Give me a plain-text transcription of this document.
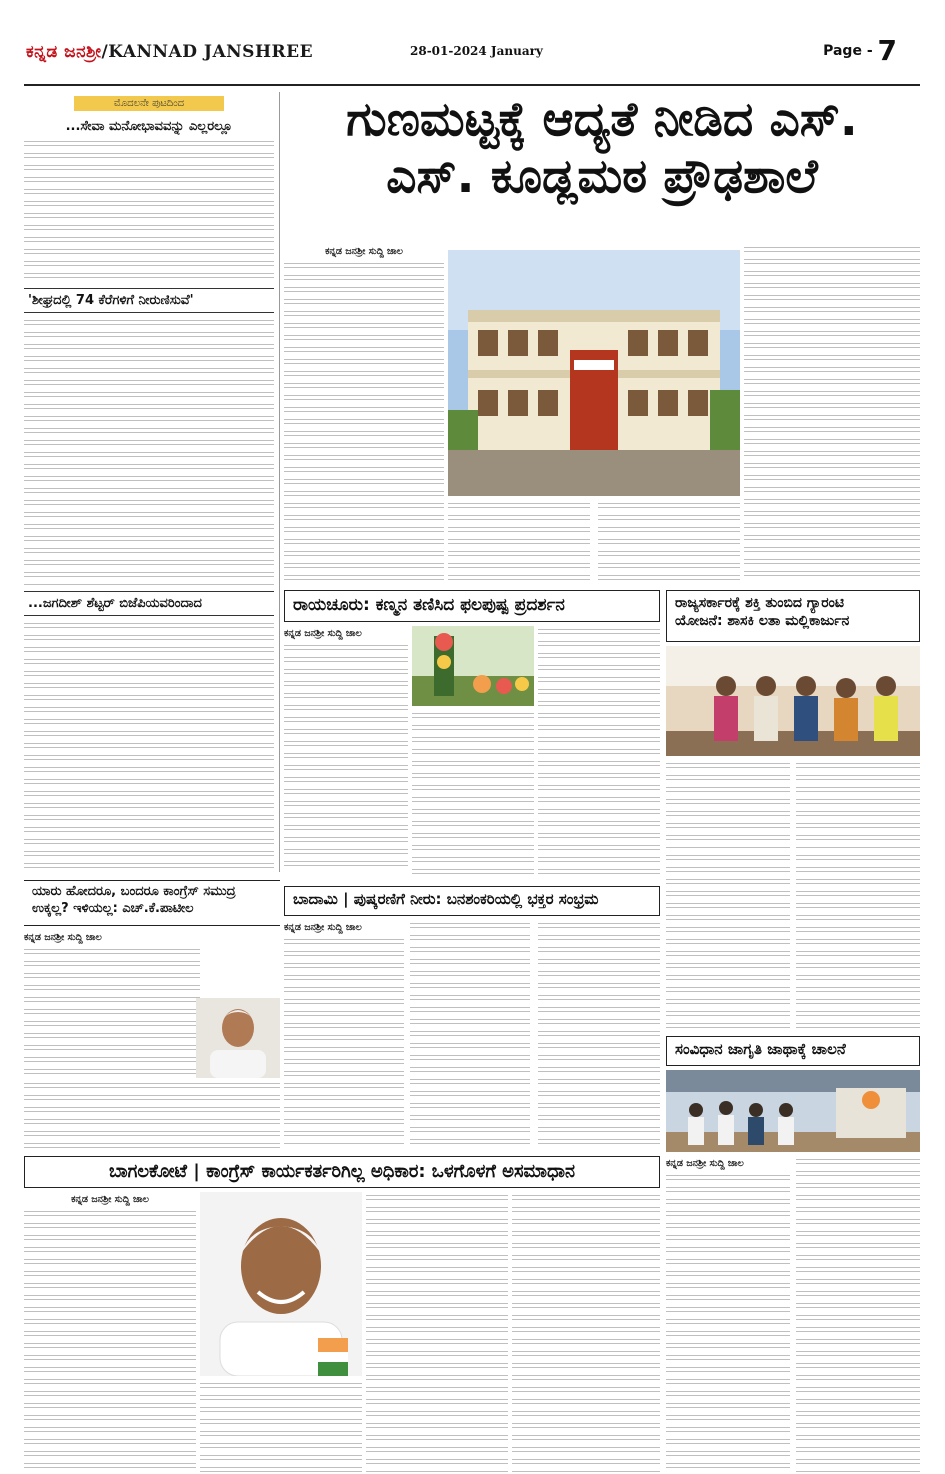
ಕನ್ನಡ ಜನಶ್ರೀ/KANNAD JANSHREE	28-01-2024 January	Page - 7
ಮೊದಲನೇ ಪುಟದಿಂದ
...ಸೇವಾ ಮನೋಭಾವವನ್ನು ಎಲ್ಲರಲ್ಲೂ
'ಶೀಘ್ರದಲ್ಲಿ 74 ಕೆರೆಗಳಿಗೆ ನೀರುಣಿಸುವೆ'
...ಜಗದೀಶ್ ಶೆಟ್ಟರ್ ಬಿಜೆಪಿಯವರಿಂದಾದ
ಗುಣಮಟ್ಟಕ್ಕೆ ಆದ್ಯತೆ ನೀಡಿದ ಎಸ್.
ಎಸ್. ಕೂಡ್ಲಮಠ ಪ್ರೌಢಶಾಲೆ
ಕನ್ನಡ ಜನಶ್ರೀ ಸುದ್ದಿ ಜಾಲ
ರಾಯಚೂರು: ಕಣ್ಮನ ತಣಿಸಿದ ಫಲಪುಷ್ಪ ಪ್ರದರ್ಶನ
ಕನ್ನಡ ಜನಶ್ರೀ ಸುದ್ದಿ ಜಾಲ
ರಾಜ್ಯಸರ್ಕಾರಕ್ಕೆ ಶಕ್ತಿ ತುಂಬಿದ ಗ್ಯಾರಂಟಿ
ಯೋಜನೆ: ಶಾಸಕಿ ಲತಾ ಮಲ್ಲಿಕಾರ್ಜುನ
ಯಾರು ಹೋದರೂ, ಬಂದರೂ ಕಾಂಗ್ರೆಸ್ ಸಮುದ್ರ ಉಕ್ಕಲ್ಲ? ಇಳಿಯಲ್ಲ: ಎಚ್.ಕೆ.ಪಾಟೀಲ
ಕನ್ನಡ ಜನಶ್ರೀ ಸುದ್ದಿ ಜಾಲ
ಬಾದಾಮಿ | ಪುಷ್ಕರಣಿಗೆ ನೀರು: ಬನಶಂಕರಿಯಲ್ಲಿ ಭಕ್ತರ ಸಂಭ್ರಮ
ಕನ್ನಡ ಜನಶ್ರೀ ಸುದ್ದಿ ಜಾಲ
ಸಂವಿಧಾನ ಜಾಗೃತಿ ಜಾಥಾಕ್ಕೆ ಚಾಲನೆ
ಬಾಗಲಕೋಟೆ | ಕಾಂಗ್ರೆಸ್ ಕಾರ್ಯಕರ್ತರಿಗಿಲ್ಲ ಅಧಿಕಾರ: ಒಳಗೊಳಗೆ ಅಸಮಾಧಾನ
ಕನ್ನಡ ಜನಶ್ರೀ ಸುದ್ದಿ ಜಾಲ
ಕನ್ನಡ ಜನಶ್ರೀ ಸುದ್ದಿ ಜಾಲ
